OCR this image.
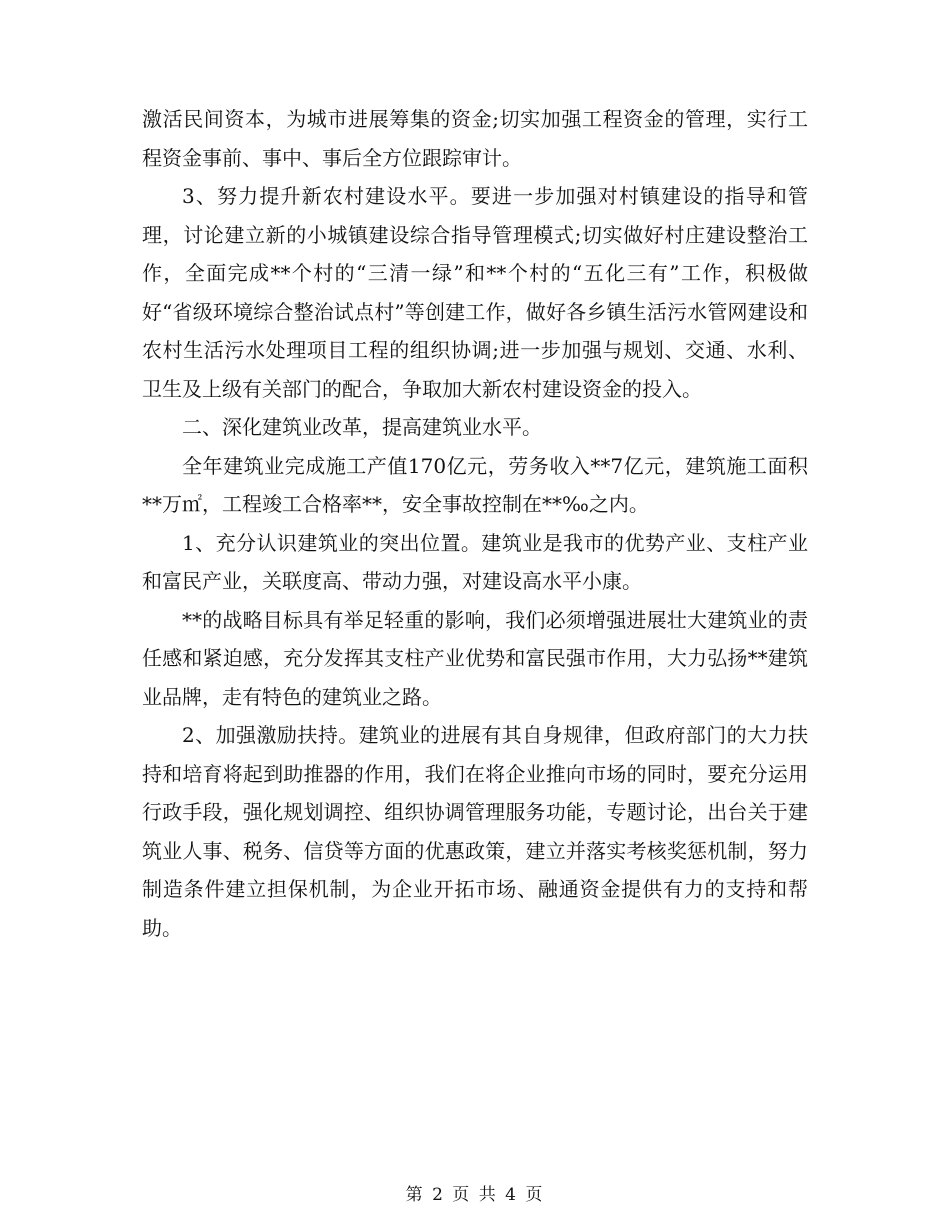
激活民间资本，为城市进展筹集的资金;切实加强工程资金的管理，实行工程资金事前、事中、事后全方位跟踪审计。

3、努力提升新农村建设水平。要进一步加强对村镇建设的指导和管理，讨论建立新的小城镇建设综合指导管理模式;切实做好村庄建设整治工作，全面完成**个村的“三清一绿”和**个村的“五化三有”工作，积极做好“省级环境综合整治试点村”等创建工作，做好各乡镇生活污水管网建设和农村生活污水处理项目工程的组织协调;进一步加强与规划、交通、水利、卫生及上级有关部门的配合，争取加大新农村建设资金的投入。

二、深化建筑业改革，提高建筑业水平。

全年建筑业完成施工产值170亿元，劳务收入**7亿元，建筑施工面积**万㎡，工程竣工合格率**，安全事故控制在**‰之内。

1、充分认识建筑业的突出位置。建筑业是我市的优势产业、支柱产业和富民产业，关联度高、带动力强，对建设高水平小康。

**的战略目标具有举足轻重的影响，我们必须增强进展壮大建筑业的责任感和紧迫感，充分发挥其支柱产业优势和富民强市作用，大力弘扬**建筑业品牌，走有特色的建筑业之路。

2、加强激励扶持。建筑业的进展有其自身规律，但政府部门的大力扶持和培育将起到助推器的作用，我们在将企业推向市场的同时，要充分运用行政手段，强化规划调控、组织协调管理服务功能，专题讨论，出台关于建筑业人事、税务、信贷等方面的优惠政策，建立并落实考核奖惩机制，努力制造条件建立担保机制，为企业开拓市场、融通资金提供有力的支持和帮助。

第 2 页 共 4 页
